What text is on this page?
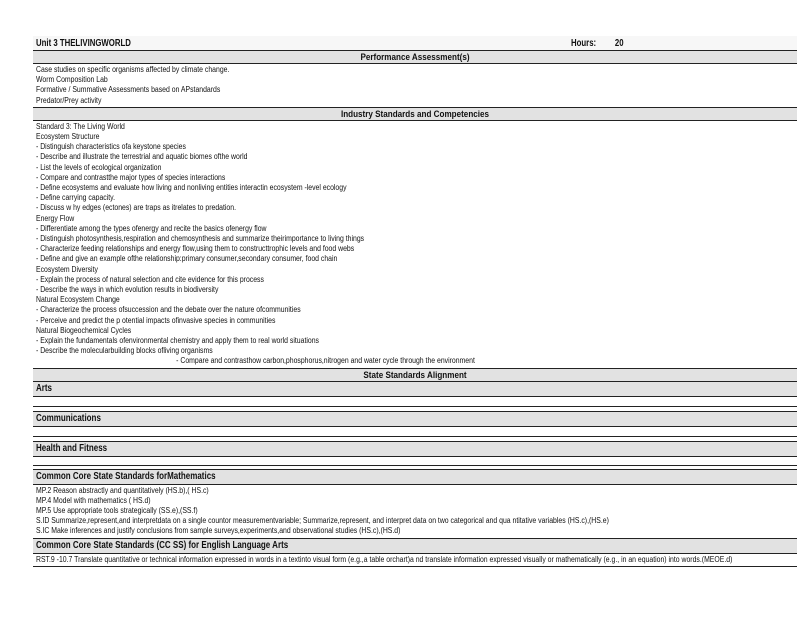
Unit 3 THELIVINGWORLD	Hours: 20
Performance Assessment(s)
Case studies on specific organisms affected by climate change.
Worm Composition Lab
Formative / Summative Assessments based on APstandards
Predator/Prey activity
Industry Standards and Competencies
Standard 3: The Living World
Ecosystem Structure
- Distinguish characteristics ofa keystone species
- Describe and illustrate the terrestrial and aquatic biomes ofthe world
- List the levels of ecological organization
- Compare and contrastthe major types of species interactions
- Define ecosystems and evaluate how living and nonliving entities interactin ecosystem -level ecology
- Define carrying capacity.
- Discuss w hy edges (ectones) are traps as itrelates to predation.
Energy Flow
- Differentiate among the types ofenergy and recite the basics ofenergy flow
- Distinguish photosynthesis,respiration and chemosynthesis and summarize theirimportance to living things
- Characterize feeding relationships and energy flow,using them to constructtrophic levels and food webs
- Define and give an example ofthe relationship:primary consumer,secondary consumer, food chain
Ecosystem Diversity
- Explain the process of natural selection and cite evidence for this process
- Describe the ways in which evolution results in biodiversity
Natural Ecosystem Change
- Characterize the process ofsuccession and the debate over the nature ofcommunities
- Perceive and predict the p otential impacts ofinvasive species in communities
Natural Biogeochemical Cycles
- Explain the fundamentals ofenvironmental chemistry and apply them to real world situations
- Describe the molecularbuilding blocks ofliving organisms
- Compare and contrasthow carbon,phosphorus,nitrogen and water cycle through the environment
State Standards Alignment
Arts
Communications
Health and Fitness
Common Core State Standards forMathematics
MP.2 Reason abstractly and quantitatively (HS.b),( HS.c)
MP.4 Model with mathematics ( HS.d)
MP.5 Use appropriate tools strategically (SS.e),(SS.f)
S.ID Summarize,represent,and interpretdata on a single countor measurementvariable; Summarize,represent, and interpret data on two categorical and qua ntitative variables (HS.c),(HS.e)
S.IC Make inferences and justify conclusions from sample surveys,experiments,and observational studies (HS.c),(HS.d)
Common Core State Standards (CC SS) for English Language Arts
RST.9 -10.7 Translate quantitative or technical information expressed in words in a textinto visual form (e.g.,a table orchart)a nd translate information expressed visually or mathematically (e.g., in an equation) into words.(MEOE.d)
